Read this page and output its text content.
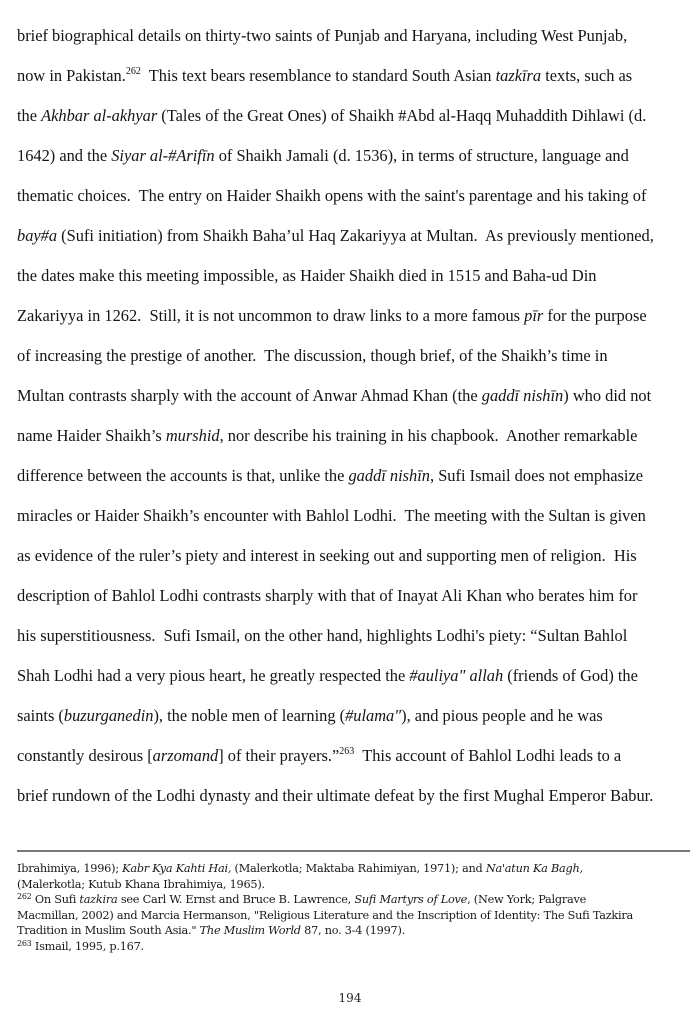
brief biographical details on thirty-two saints of Punjab and Haryana, including West Punjab,
now in Pakistan.$^{262}$  This text bears resemblance to standard South Asian tazkīra texts, such as
the Akhbar al-akhyar (Tales of the Great Ones) of Shaikh #Abd al-Haqq Muhaddith Dihlawi (d.
1642) and the Siyar al-#Arifīn of Shaikh Jamali (d. 1536), in terms of structure, language and
thematic choices.  The entry on Haider Shaikh opens with the saint's parentage and his taking of
bay#a (Sufi initiation) from Shaikh Baha’ul Haq Zakariyya at Multan.  As previously mentioned,
the dates make this meeting impossible, as Haider Shaikh died in 1515 and Baha-ud Din
Zakariyya in 1262.  Still, it is not uncommon to draw links to a more famous pīr for the purpose
of increasing the prestige of another.  The discussion, though brief, of the Shaikh’s time in
Multan contrasts sharply with the account of Anwar Ahmad Khan (the gaddī nishīn) who did not
name Haider Shaikh’s murshid, nor describe his training in his chapbook.  Another remarkable
difference between the accounts is that, unlike the gaddī nishīn, Sufi Ismail does not emphasize
miracles or Haider Shaikh’s encounter with Bahlol Lodhi.  The meeting with the Sultan is given
as evidence of the ruler’s piety and interest in seeking out and supporting men of religion.  His
description of Bahlol Lodhi contrasts sharply with that of Inayat Ali Khan who berates him for
his superstitiousness.  Sufi Ismail, on the other hand, highlights Lodhi's piety: “Sultan Bahlol
Shah Lodhi had a very pious heart, he greatly respected the #auliya" allah (friends of God) the
saints (buzurganedin), the noble men of learning (#ulama"), and pious people and he was
constantly desirous [arzomand] of their prayers.”$^{263}$  This account of Bahlol Lodhi leads to a
brief rundown of the Lodhi dynasty and their ultimate defeat by the first Mughal Emperor Babur.
Ibrahimiya, 1996); Kabr Kya Kahti Hai, (Malerkotla; Maktaba Rahimiyan, 1971); and Na'atun Ka Bagh,
(Malerkotla; Kutub Khana Ibrahimiya, 1965).
$^{262}$ On Sufi tazkira see Carl W. Ernst and Bruce B. Lawrence, Sufi Martyrs of Love, (New York; Palgrave
Macmillan, 2002) and Marcia Hermanson, "Religious Literature and the Inscription of Identity: The Sufi Tazkira
Tradition in Muslim South Asia." The Muslim World 87, no. 3-4 (1997).
$^{263}$ Ismail, 1995, p.167.
194
